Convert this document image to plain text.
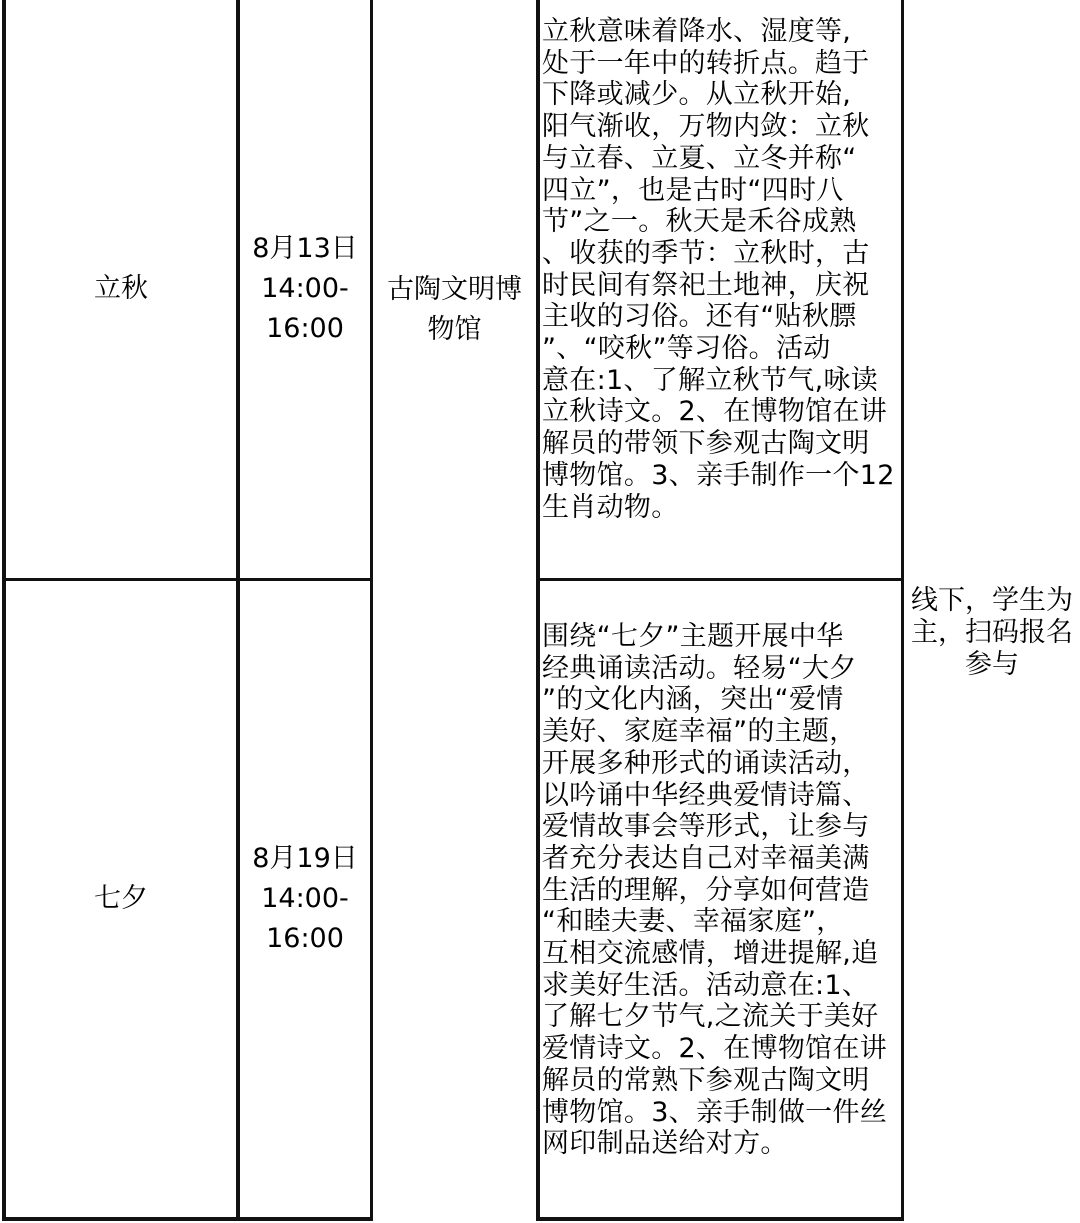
立秋
8月13日
14:00-
16:00
立秋意味着降水、湿度等,
处于一年中的转折点。趋于
下降或减少。从立秋开始,
阳气渐收，万物内敛：立秋
与立春、立夏、立冬并称“
四立”，也是古时“四时八
节”之一。秋天是禾谷成熟
、收获的季节：立秋时，古
时民间有祭祀土地神，庆祝
主收的习俗。还有“贴秋膘
”、“咬秋”等习俗。活动
意在:1、了解立秋节气,咏读
立秋诗文。2、在博物馆在讲
解员的带领下参观古陶文明
博物馆。3、亲手制作一个12
生肖动物。
七夕
8月19日
14:00-
16:00
围绕“七夕”主题开展中华
经典诵读活动。轻易“大夕
”的文化内涵，突出“爱情
美好、家庭幸福”的主题，
开展多种形式的诵读活动，
以吟诵中华经典爱情诗篇、
爱情故事会等形式，让参与
者充分表达自己对幸福美满
生活的理解，分享如何营造
“和睦夫妻、幸福家庭”，
互相交流感情，增进提解,追
求美好生活。活动意在:1、
了解七夕节气,之流关于美好
爱情诗文。2、在博物馆在讲
解员的常熟下参观古陶文明
博物馆。3、亲手制做一件丝
网印制品送给对方。
古陶文明博
物馆
线下，学生为
主，扫码报名
参与
